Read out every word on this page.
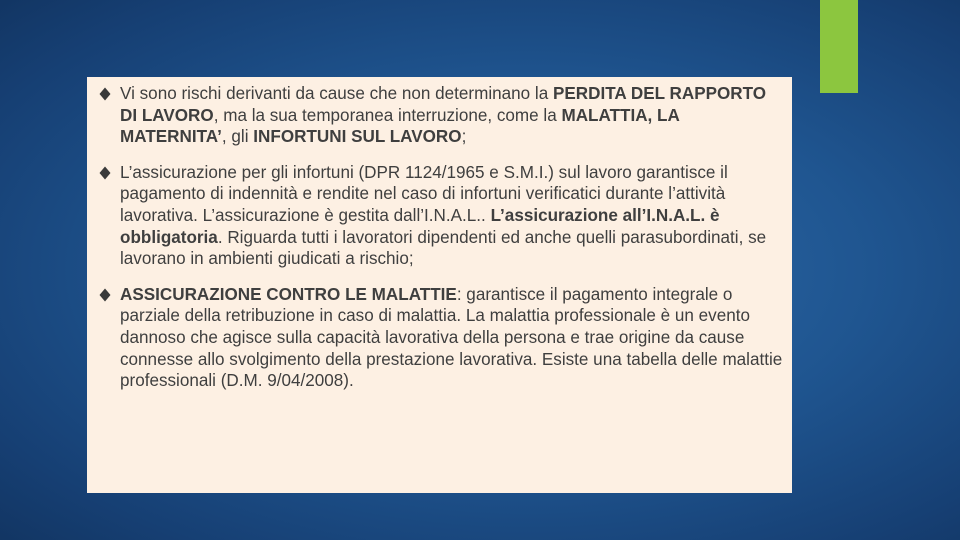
Vi sono rischi derivanti da cause che non determinano la PERDITA DEL RAPPORTO DI LAVORO, ma la sua temporanea interruzione, come la MALATTIA, LA MATERNITA’, gli INFORTUNI SUL LAVORO;
L’assicurazione per gli infortuni (DPR 1124/1965 e S.M.I.) sul lavoro garantisce il pagamento di indennità e rendite nel caso di infortuni verificatici durante l’attività lavorativa. L’assicurazione è gestita dall’I.N.A.L.. L’assicurazione all’I.N.A.L. è obbligatoria. Riguarda tutti i lavoratori dipendenti ed anche quelli parasubordinati, se lavorano in ambienti giudicati a rischio;
ASSICURAZIONE CONTRO LE MALATTIE: garantisce il pagamento integrale o parziale della retribuzione in caso di malattia. La malattia professionale è un evento dannoso che agisce sulla capacità lavorativa della persona e trae origine da cause connesse allo svolgimento della prestazione lavorativa. Esiste una tabella delle malattie professionali (D.M. 9/04/2008).
